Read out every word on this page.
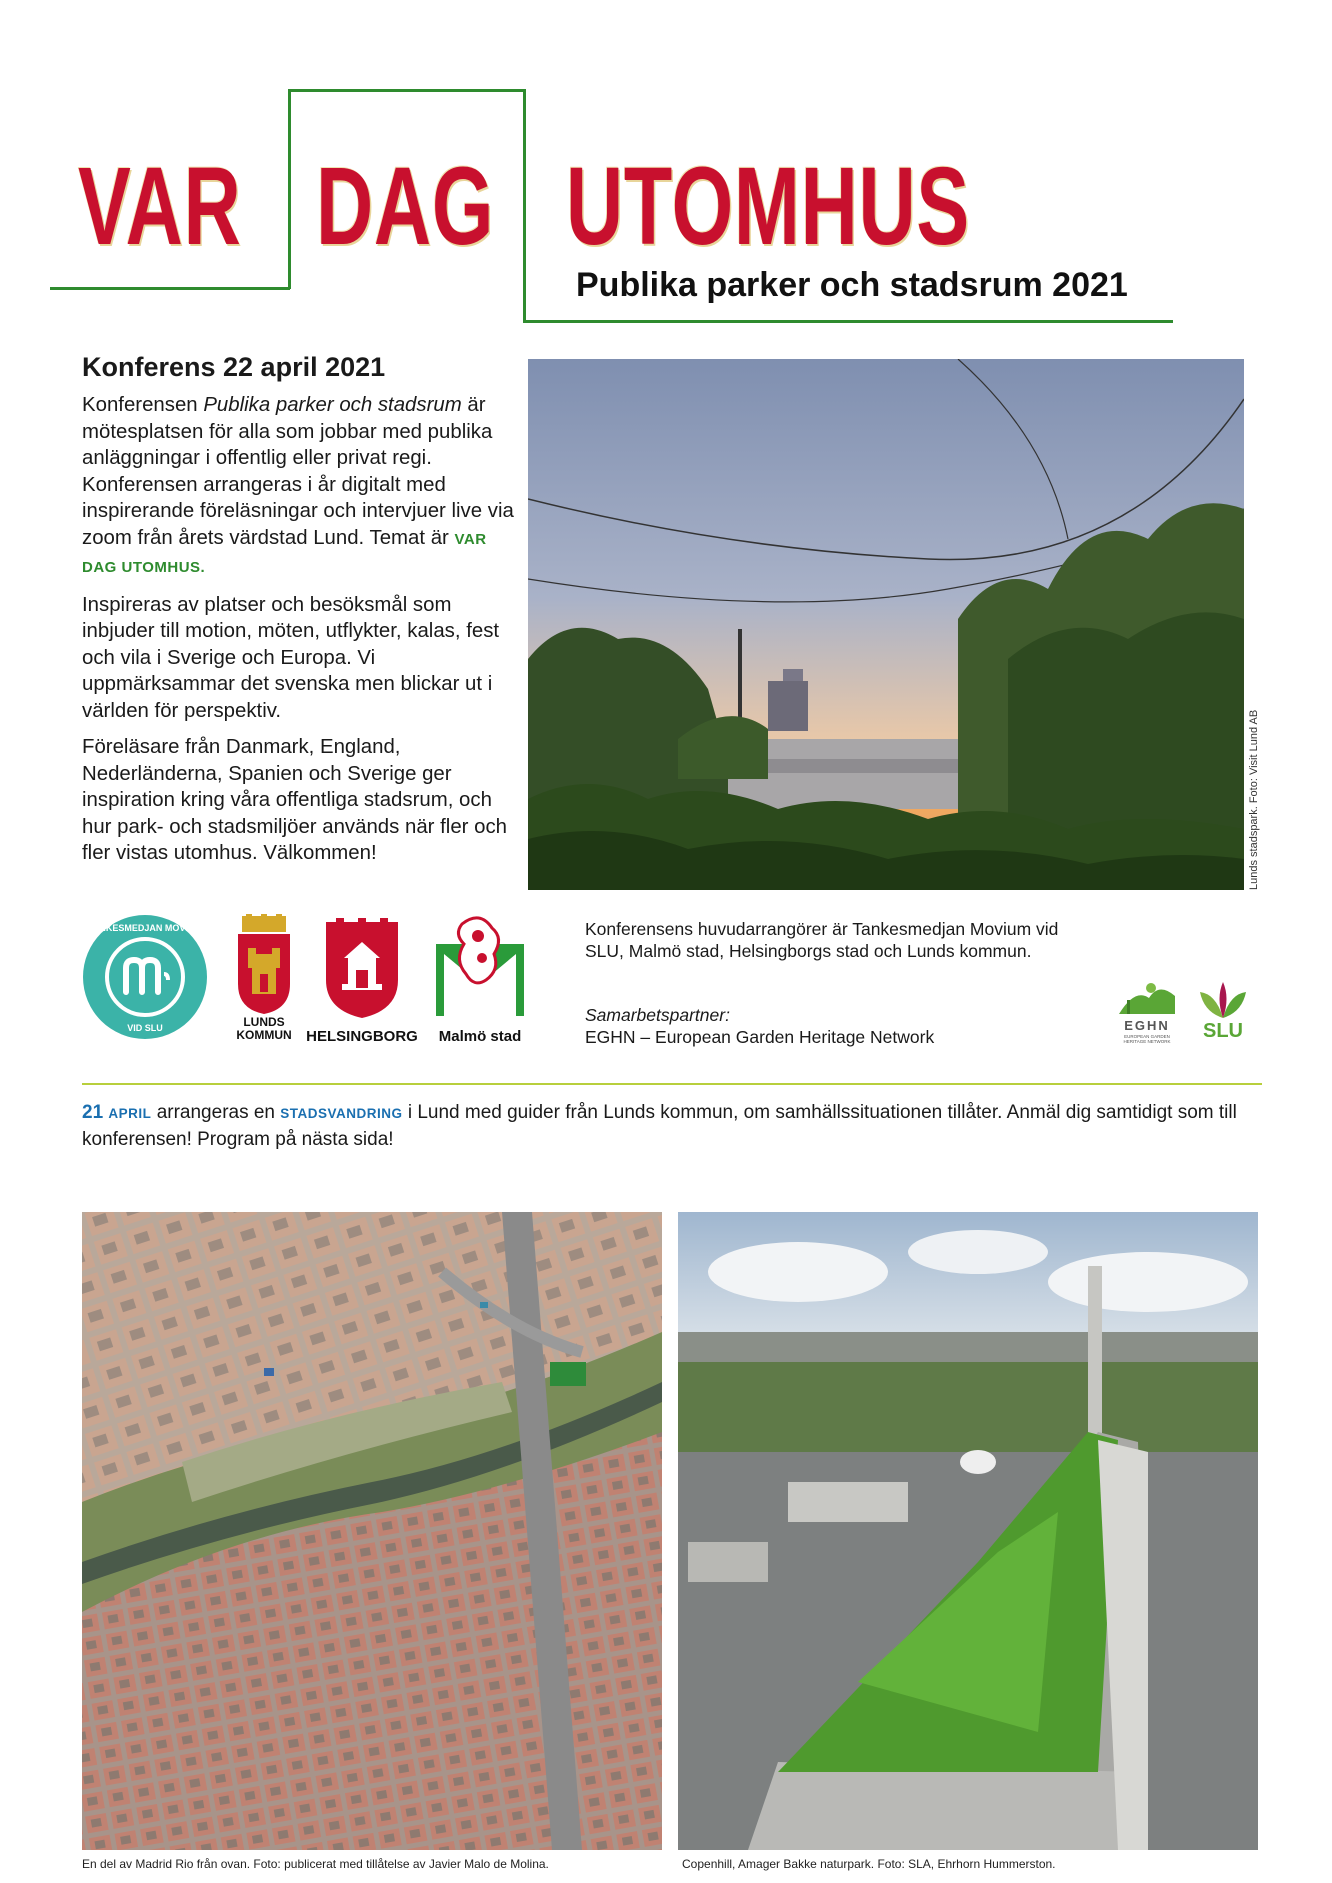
VAR DAG UTOMHUS
Publika parker och stadsrum 2021
Konferens 22 april 2021

Konferensen Publika parker och stadsrum är mötesplatsen för alla som jobbar med publika anläggningar i offentlig eller privat regi. Konferensen arrangeras i år digitalt med inspirerande föreläsningar och intervjuer live via zoom från årets värdstad Lund. Temat är VAR DAG UTOMHUS.

Inspireras av platser och besöksmål som inbjuder till motion, möten, utflykter, kalas, fest och vila i Sverige och Europa. Vi uppmärksammar det svenska men blickar ut i världen för perspektiv.

Föreläsare från Danmark, England, Nederländerna, Spanien och Sverige ger inspiration kring våra offentliga stadsrum, och hur park- och stadsmiljöer används när fler och fler vistas utomhus. Välkommen!	Lunds stadspark. Foto: Visit Lund AB
TANKESMEDJAN MOVIUM
VID SLU	LUNDS
KOMMUN HELSINGBORG	Malmö stad
Konferensens huvudarrangörer är Tankesmedjan Movium vid SLU, Malmö stad, Helsingborgs stad och Lunds kommun.
Samarbetspartner:
EGHN – European Garden Heritage Network
EGHN
EUROPEAN GARDEN HERITAGE NETWORK	SLU
21 APRIL arrangeras en STADSVANDRING i Lund med guider från Lunds kommun, om samhällssituationen tillåter. Anmäl dig samtidigt som till konferensen! Program på nästa sida!
En del av Madrid Rio från ovan. Foto: publicerat med tillåtelse av Javier Malo de Molina.	Copenhill, Amager Bakke naturpark. Foto: SLA, Ehrhorn Hummerston.
